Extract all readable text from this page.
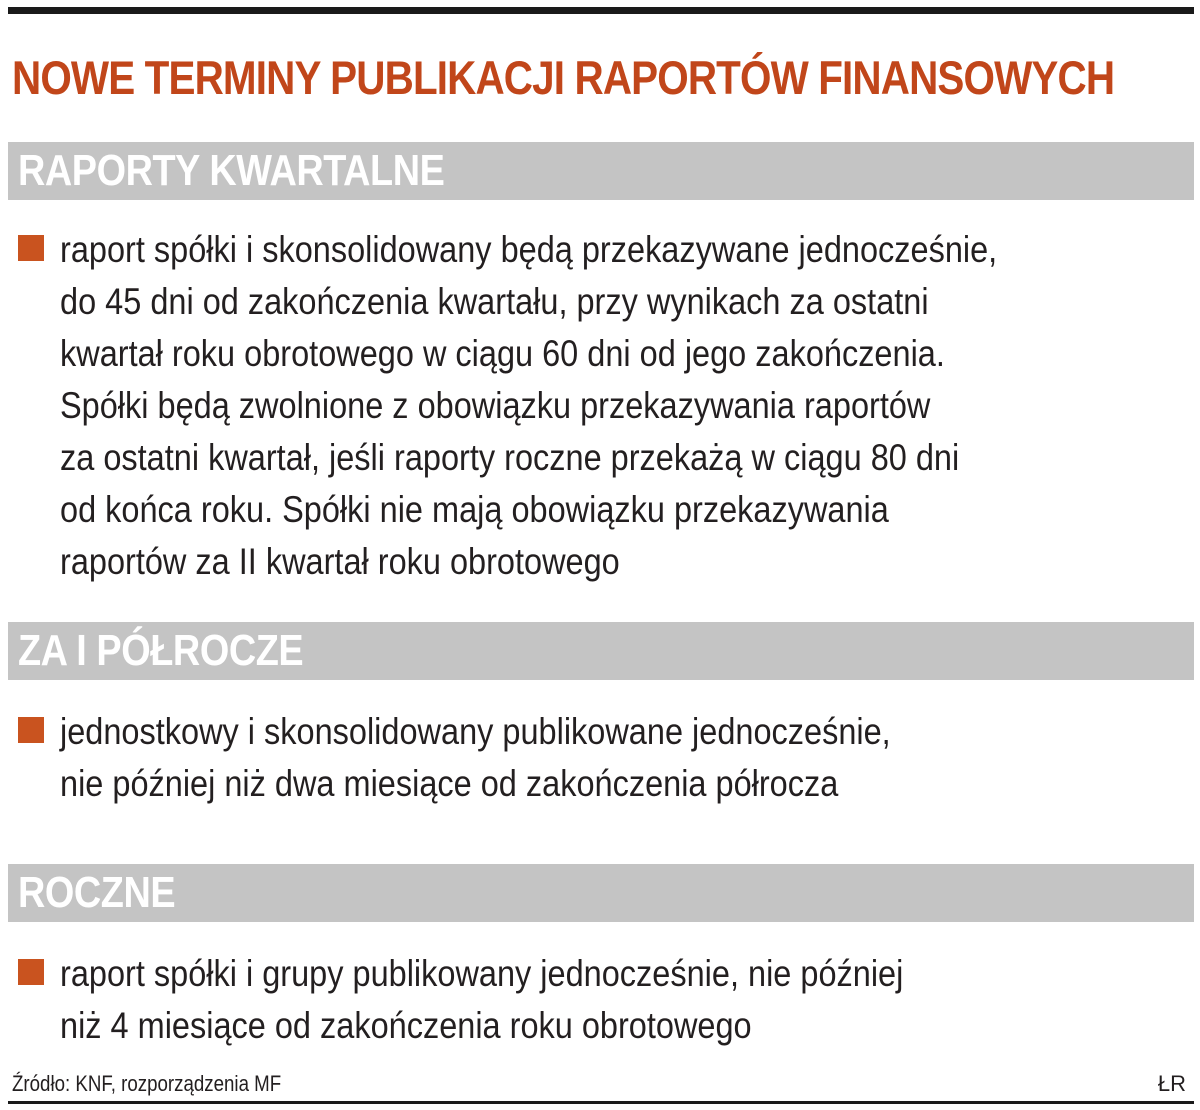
NOWE TERMINY PUBLIKACJI RAPORTÓW FINANSOWYCH
RAPORTY KWARTALNE
raport spółki i skonsolidowany będą przekazywane jednocześnie,
do 45 dni od zakończenia kwartału, przy wynikach za ostatni
kwartał roku obrotowego w ciągu 60 dni od jego zakończenia.
Spółki będą zwolnione z obowiązku przekazywania raportów
za ostatni kwartał, jeśli raporty roczne przekażą w ciągu 80 dni
od końca roku. Spółki nie mają obowiązku przekazywania
raportów za II kwartał roku obrotowego
ZA I PÓŁROCZE
jednostkowy i skonsolidowany publikowane jednocześnie,
nie później niż dwa miesiące od zakończenia półrocza
ROCZNE
raport spółki i grupy publikowany jednocześnie, nie później
niż 4 miesiące od zakończenia roku obrotowego
Źródło: KNF, rozporządzenia MF	ŁR
